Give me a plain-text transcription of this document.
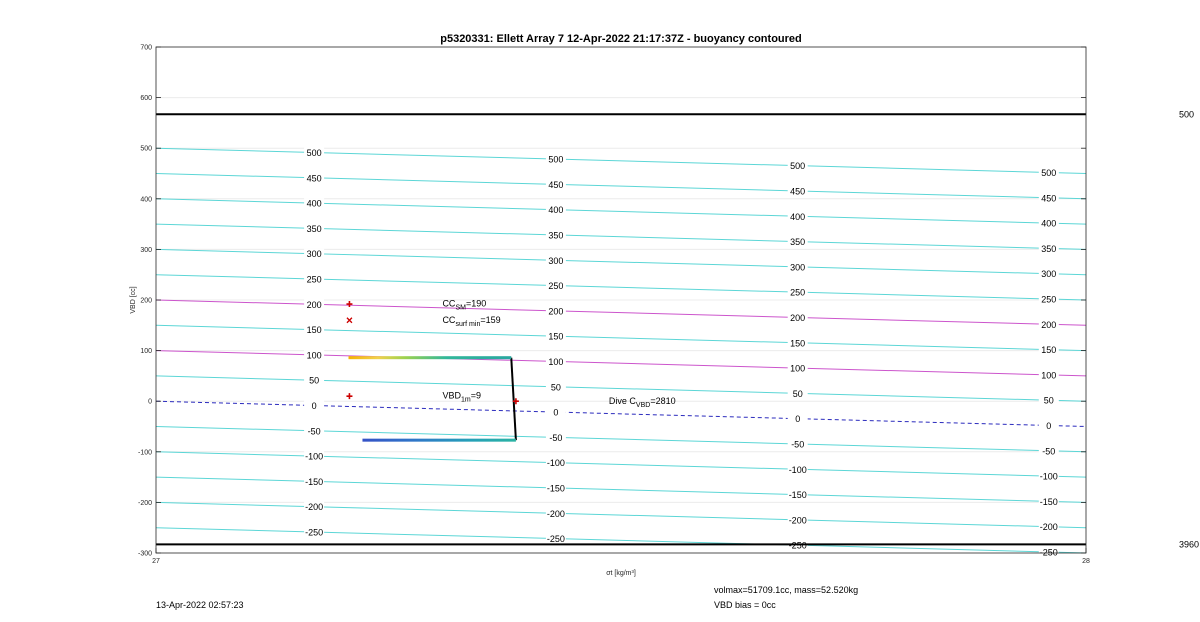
p5320331: Ellett Array 7 12-Apr-2022 21:17:37Z - buoyancy contoured
500
450
400
350
300
250
200
150
100
50
0
-50
-100
-150
-200
-250
500
450
400
350
300
250
200
150
100
50
0
-50
-100
-150
-200
-250
500
450
400
350
300
250
200
150
100
50
0
-50
-100
-150
-200
-250
500
450
400
350
300
250
200
150
100
50
0
-50
-100
-150
-200
-250
500
3960
$CC_{SM}=190$
$CC_{surf min}=159$
$VBD_{1m}=9$
Dive $C_{VBD}=2810$
700
600
500
400
300
200
100
0
-100
-200
-300
27	28
VBD [cc]
σt [kg/m³]
13-Apr-2022 02:57:23
volmax=51709.1cc, mass=52.520kg
VBD bias = 0cc
